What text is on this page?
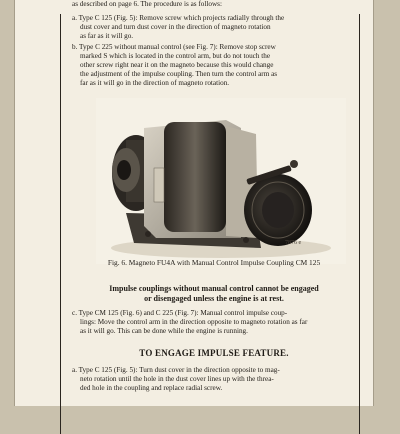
as described on page 6. The procedure is as follows:
a. Type C 125 (Fig. 5): Remove screw which projects radially through the
dust cover and turn dust cover in the direction of magneto rotation
as far as it will go.
b. Type C 225 without manual control (see Fig. 7): Remove stop screw
marked S which is located in the control arm, but do not touch the
other screw right near it on the magneto because this would change
the adjustment of the impulse coupling. Then turn the control arm as
far as it will go in the direction of magneto rotation.
7876 e
Fig. 6. Magneto FU4A with Manual Control Impulse Coupling CM 125
Impulse couplings without manual control cannot be engaged
or disengaged unless the engine is at rest.
c. Type CM 125 (Fig. 6) and C 225 (Fig. 7): Manual control impulse coup-
lings: Move the control arm in the direction opposite to magneto rotation as far
as it will go. This can be done while the engine is running.
TO ENGAGE IMPULSE FEATURE.
a. Type C 125 (Fig. 5): Turn dust cover in the direction opposite to mag-
neto rotation until the hole in the dust cover lines up with the threa-
ded hole in the coupling and replace radial screw.
